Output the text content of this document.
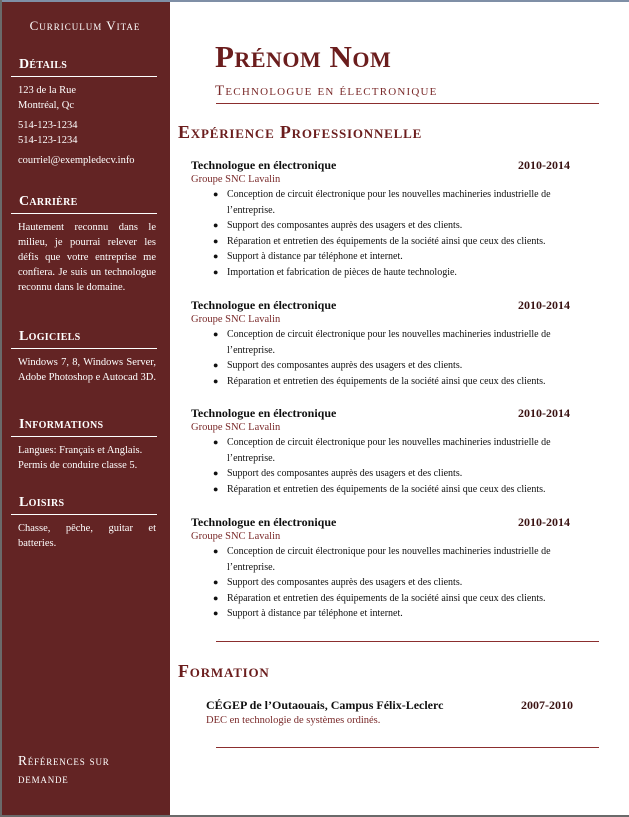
Curriculum Vitae
Détails
123 de la Rue
Montréal, Qc
514-123-1234
514-123-1234
courriel@exempledecv.info
Carrière
Hautement reconnu dans le milieu, je pourrai relever les défis que votre entreprise me confiera. Je suis un technologue reconnu dans le domaine.
Logiciels
Windows 7, 8, Windows Server, Adobe Photoshop e Autocad 3D.
Informations
Langues: Français et Anglais.
Permis de conduire classe 5.
Loisirs
Chasse, pêche, guitar et batteries.
Références sur demande
Prénom Nom
Technologue en électronique
Expérience Professionnelle
Technologue en électronique	2010-2014
Groupe SNC Lavalin
● Conception de circuit électronique pour les nouvelles machineries industrielle de l’entreprise.
● Support des composantes auprès des usagers et des clients.
● Réparation et entretien des équipements de la société ainsi que ceux des clients.
● Support à distance par téléphone et internet.
● Importation et fabrication de pièces de haute technologie.
Technologue en électronique	2010-2014
Groupe SNC Lavalin
● Conception de circuit électronique pour les nouvelles machineries industrielle de l’entreprise.
● Support des composantes auprès des usagers et des clients.
● Réparation et entretien des équipements de la société ainsi que ceux des clients.
Technologue en électronique	2010-2014
Groupe SNC Lavalin
● Conception de circuit électronique pour les nouvelles machineries industrielle de l’entreprise.
● Support des composantes auprès des usagers et des clients.
● Réparation et entretien des équipements de la société ainsi que ceux des clients.
Technologue en électronique	2010-2014
Groupe SNC Lavalin
● Conception de circuit électronique pour les nouvelles machineries industrielle de l’entreprise.
● Support des composantes auprès des usagers et des clients.
● Réparation et entretien des équipements de la société ainsi que ceux des clients.
● Support à distance par téléphone et internet.
Formation
CÉGEP de l’Outaouais, Campus Félix-Leclerc	2007-2010
DEC en technologie de systèmes ordinés.
